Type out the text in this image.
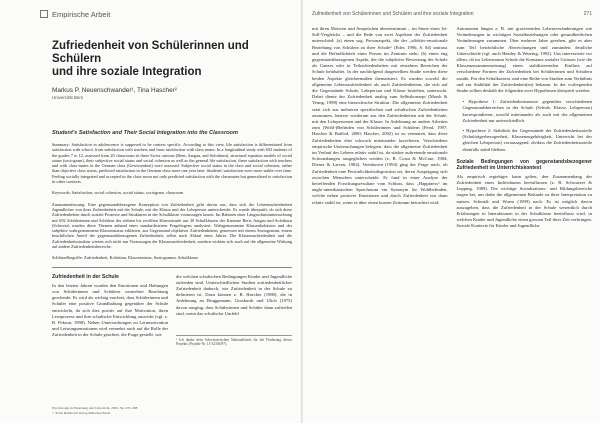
Empirische Arbeit
Zufriedenheit von Schülerinnen und Schülern
und ihre soziale Integration
Markus P. Neuenschwander¹, Tina Hascher²
Universität Bern
Student's Satisfaction and Their Social Integration into the Classroom
Summary: Satisfaction in adolescence is supposed to be context specific. According to this view, life satisfaction is differentiated from satisfaction with school, from satisfaction with teachers and from satisfaction with class mates. In a longitudinal study with 692 students of the grades 7 to 12, assessed from 20 classrooms in three Swiss cantons (Bern, Aargau, and Solothurn), structural equation models of social status (sociogram), their subjective social status and social cohesion as well as the general life satisfaction, these satisfaction with teachers and with class-mates in the German class (Gewissenheit) were assessed. Subjective social status in the class and social cohesion, rather than objective class status, predicted satisfaction in the German class more one year later. Students' satisfaction were more stable over time. Feeling socially integrated and accepted in the class-room not only predicted satisfaction with the classmates but generalized to satisfaction in other contexts.
Keywords: Satisfaction, social cohesion, social status, sociogram, classroom
Zusammenfassung: Eine gegenstandsbezogene Konzeption von Zufriedenheit geht davon aus, dass sich die Lebenszufriedenheit Jugendlicher von ihrer Zufriedenheit mit der Schule, mit der Klasse und der Lehrperson unterscheidet. Es wurde überprüft, ob sich diese Zufriedenheiten durch soziale Prozesse und Strukturen in der Schulklasse voraussagen lassen. Im Rahmen einer Längsschnittuntersuchung mit 692 Schülerinnen und Schülern der siebten bis zwölften Klassenstufe aus 30 Schulklassen der Kantone Bern, Aargau und Solothurn (Schweiz) wurden diese Themen anhand eines standardisierten Fragebogens analysiert. Wahrgenommene Klassenkohäsion und der subjektiv wahrgenommene Klassenstatus erklärten, aus Gegenstand objektiver Zufriedenheiten, gemessen mit einem Soziogramm, einem beachtlichen Anteil der gegenstandsbezogenen Zufriedenheit, selbst nach Ablauf eines Jahres. Die Klassenzufriedenheit und die Zufriedenheitsstruktur wiesen sich nicht nur Voraussagen der Klassenzufriedenheit, sondern wirkten sich auch auf die allgemeine Wirkung auf andere Zufriedenheitsbereiche.
Schlüsselbegriffe: Zufriedenheit, Kohäsion, Klassenstatus, Soziogramm, Schulklasse
Zufriedenheit in der Schule
In den letzten Jahren wurden den Emotionen und Haltungen von Schülerinnen und Schülern vermehrte Beachtung geschenkt. Es wird als wichtig erachtet, dass Schülerinnen und Schüler eine positive Grundhaltung gegenüber der Schule entwickeln, da sich dies positiv auf ihre Motivation, ihren Lernprozess und ihre schulische Entwicklung auswirkt (vgl. z. B. Pekrun, 1998). Neben Untersuchungen zu Lernmotivation und Leistungsemotionen wird vermehrt auch auf die Rolle der Zufriedenheit in der Schule geachtet, die Frage gestellt, wie
die welchen schulischen Bedingungen Kinder und Jugendliche zufrieden sind. Unterschiedlichen Studien zufriedenheitlicher Zufriedenheit dadurch, wie Zufriedenheit in der Schule zu definieren ist. Dazu können z. B. Haecker (1980), die in Anlehnung an Bruggemann, Groskurth und Ulich (1975) davon ausging, dass Schülerinnen und Schüler dann zufrieden sind, wenn das schulische Umfeld
¹ Ich danke dem Schweizerischen Nationalfonds für die Förderung dieses Projekts (Projekt-Nr. 11-52336/97).
Psychologie in Erziehung und Unterricht, 2002, 50, 270–288
© Ernst Reinhardt Verlag München Basel
Zufriedenheit von Schülerinnen und Schülern und ihre soziale Integration	271
mit ihren Motiven und Ansprüchen übereinstimmt – im Sinne eines Ist-Soll-Vergleichs – und die Rede von zwei Aspekten der Zufriedenheit unterschied: (a) einen sog. Personaspekt, die der „affektiv-emotionale Beziehung von Schülern zu ihrer Schule“ (Eder, 1996, S. 84) umfasst und die Befindlichkeit eines Person im Zentrum steht; (b) einen eng gegenstandsbezogenen Aspekt, der die subjektive Bewertung der Schule als Ganzes oder in Teilzufriedenheiten mit einzelnen Bereichen der Schule beinhaltet. In der nachfolgend dargestellten Studie werden diese beiden Aspekte gleichermaßen thematisiert. Es wurden sowohl die allgemeine Lebenszufriedenheit als auch Zufriedenheiten, die sich auf die Gegenstände Schule, Lehrperson und Klasse beziehen, untersucht. Dabei diente der Zufriedenheit analog zum Selbstkonzept (Marsh & Yeung, 1998) eine hierarchische Struktur: Die allgemeine Zufriedenheit setzt sich aus mehreren spezifischen und schulischen Zufriedenheiten zusammen, letztere wiederum aus den Zufriedenheiten mit der Schule, mit den Lehrpersonen und der Klasse. In Anlehnung an andere Arbeiten zum (Wohl-)Befinden von Schülerinnen und Schülern (Fend, 1997; Hascher & Baillod, 2000; Hascher, 2002) ist zu vermuten, dass diese Zufriedenheiten eher schwach miteinander korrelieren. Verschiedene empirische Untersuchungen belegten, dass die allgemeine Zufriedenheit im Verlauf des Lebens relativ stabil ist, da stärker auftretende emotionale Schwankungen ausgeglichen werden (z. B. Costa & McCrae, 1984; Diener & Larsen, 1984). Veenhoven (1994) ging der Frage nach, ob Zufriedenheit eine Persönlichkeitsdisposition sei, deren Ausprägung sich zwischen Menschen unterscheide. Er fand in einer Analyse der betreffenden Forschungsresultate vom Schluss, dass „Happiness“ im anglo-amerikanischen Sprachraum ein Synonym für Wohlbefinden, welche neben positiver Emotionen und durch Zufriedenheit nur dann relativ stabil ist, wenn es über einen kurzen Zeitraum betrachtet wird.
Autonomen längen z. B. mit gravierenden Lebensveränderungen wie Veränderungen in wichtigen Sozialbeziehungen oder gesundheitlichen Veränderungen zusammen. Über mehrere Jahre gesehen, gibt es aber zum Teil beträchtliche Abweichungen und zumindest deutliche Unterschiede (vgl. auch Headey & Wearing, 1992). Uns interessierte vor allem, ob im Lebensraum Schule die Konstanz sozialer Grössen (wie die Klassenzusammensetzung) einen stabilisierenden Einfluss auf verschiedene Formen der Zufriedenheit bei Schülerinnen und Schülern ausübt. Für den Schulkontext sind eine Reihe von Studien zum Verhältnis und zur Stabilität der Zufriedenheit(en) bekannt. In der vorliegenden Studie sollten deshalb die folgenden zwei Hypothesen überprüft werden:
• Hypothese 1: Zufriedenheitsmasse gegenüber verschiedenen Gegenstandsbereichen in der Schule (Schule, Klasse, Lehrperson) korrespondieren; sowohl miteinander als auch mit der allgemeinen Zufriedenheit nur unterschiedlich.
• Hypothese 2: Stabilität der Gegenstände der Zufriedenheitsurteile (Schulträgerbezogenheit, Klassenzugehörigkeit, Unterricht bei der gleichen Lehrperson) voraussagend, ob/dass die Zufriedenheitsurteile ebenfalls stabil bleiben.
Soziale Bedingungen von gegenstandsbezogener Zufriedenheit im Unterrichtskontext
Als empirisch ergiebiger kann gelten, den Zusammenhang der Zufriedenheit eines Individuums beeinflussen (z. B. Schwarzer & Lepping, 1989). Die wichtige Sozialisations- und Bildungsbereiche tragen bei, um dafür die allgemeinen Befunde zu ihrer Interpretation zu nutzen. Schmidt und Wurm (1999) nach. Es ist möglich davon auszugehen, dass die Zufriedenheit in der Schule wesentlich durch Erfahrungen in Interaktionen in der Schulklasse beeinflusst wird, in welchen Kinder und Jugendliche einen grossen Teil ihrer Zeit verbringen. Soziale Kontexte für Kinder und Jugendliche
